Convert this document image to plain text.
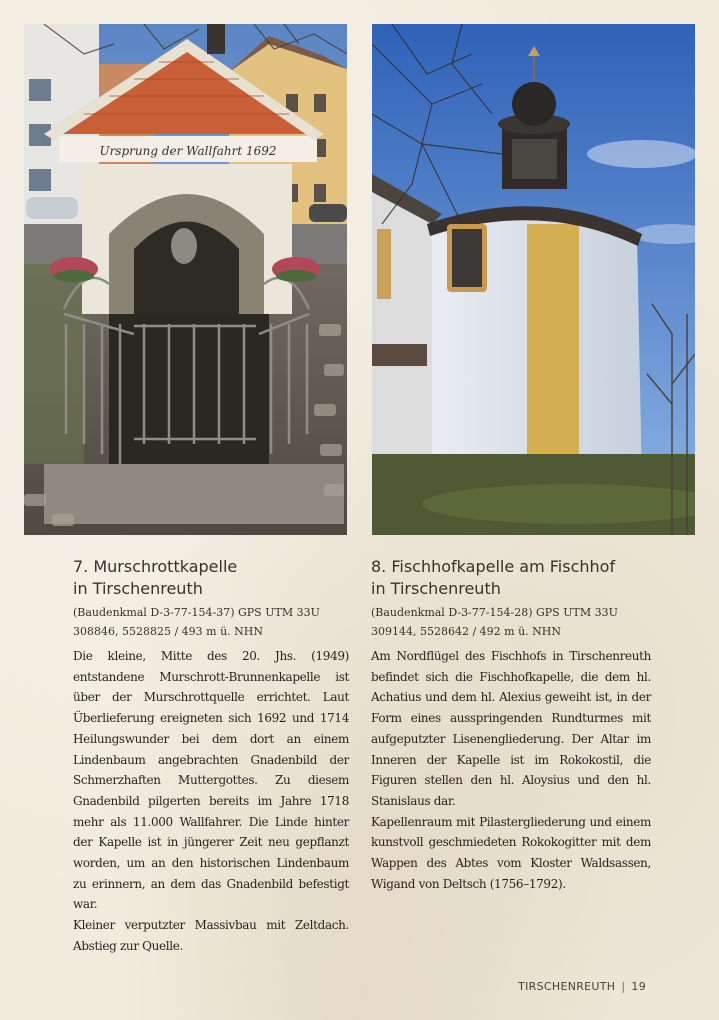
Ursprung der Wallfahrt 1692
7. Murschrottkapelle
in Tirschenreuth
(Baudenkmal D-3-77-154-37) GPS UTM 33U
308846, 5528825 / 493 m ü. NHN
Die kleine, Mitte des 20. Jhs. (1949) entstandene Murschrott-Brunnenkapelle ist über der Murschrottquelle errichtet. Laut Überlieferung ereigneten sich 1692 und 1714 Heilungswunder bei dem dort an einem Lindenbaum angebrachten Gnadenbild der Schmerzhaften Muttergottes. Zu diesem Gnadenbild pilgerten bereits im Jahre 1718 mehr als 11.000 Wallfahrer. Die Linde hinter der Kapelle ist in jüngerer Zeit neu gepflanzt worden, um an den historischen Lindenbaum zu erinnern, an dem das Gnadenbild befestigt war.
Kleiner verputzter Massivbau mit Zeltdach. Abstieg zur Quelle.
8. Fischhofkapelle am Fischhof
in Tirschenreuth
(Baudenkmal D-3-77-154-28) GPS UTM 33U
309144, 5528642 / 492 m ü. NHN
Am Nordflügel des Fischhofs in Tirschenreuth befindet sich die Fischhofkapelle, die dem hl. Achatius und dem hl. Alexius geweiht ist, in der Form eines ausspringenden Rundturmes mit aufgeputzter Lisenengliederung. Der Altar im Inneren der Kapelle ist im Rokokostil, die Figuren stellen den hl. Aloysius und den hl. Stanislaus dar.
Kapellenraum mit Pilastergliederung und einem kunstvoll geschmiedeten Rokokogitter mit dem Wappen des Abtes vom Kloster Waldsassen, Wigand von Deltsch (1756–1792).
TIRSCHENREUTH | 19
